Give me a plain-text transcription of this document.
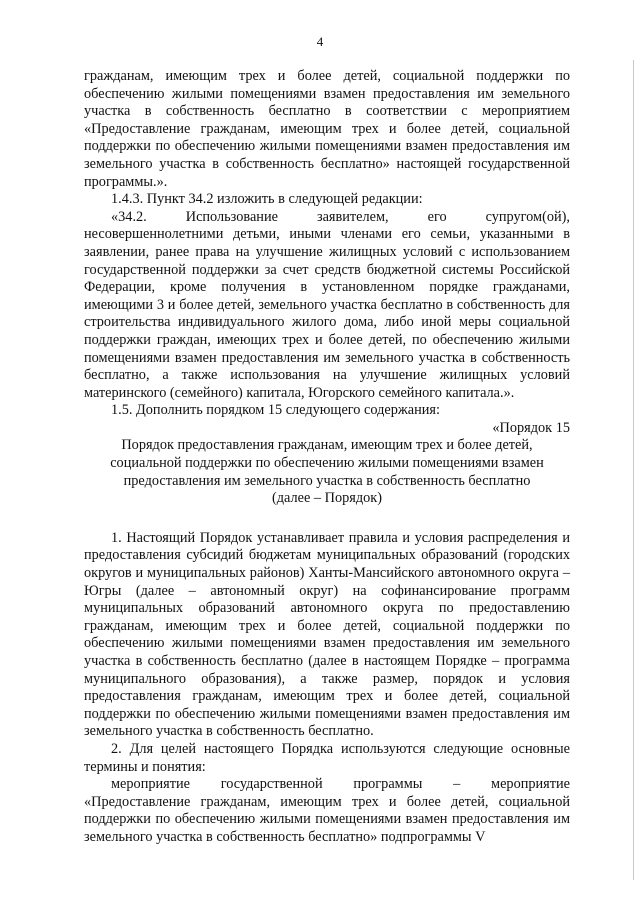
4

гражданам, имеющим трех и более детей, социальной поддержки по обеспечению жилыми помещениями взамен предоставления им земельного участка в собственность бесплатно в соответствии с мероприятием «Предоставление гражданам, имеющим трех и более детей, социальной поддержки по обеспечению жилыми помещениями взамен предоставления им земельного участка в собственность бесплатно» настоящей государственной программы.».

1.4.3. Пункт 34.2 изложить в следующей редакции:

«34.2. Использование заявителем, его супругом(ой), несовершеннолетними детьми, иными членами его семьи, указанными в заявлении, ранее права на улучшение жилищных условий с использованием государственной поддержки за счет средств бюджетной системы Российской Федерации, кроме получения в установленном порядке гражданами, имеющими 3 и более детей, земельного участка бесплатно в собственность для строительства индивидуального жилого дома, либо иной меры социальной поддержки граждан, имеющих трех и более детей, по обеспечению жилыми помещениями взамен предоставления им земельного участка в собственность бесплатно, а также использования на улучшение жилищных условий материнского (семейного) капитала, Югорского семейного капитала.».

1.5. Дополнить порядком 15 следующего содержания:

«Порядок 15

Порядок предоставления гражданам, имеющим трех и более детей, социальной поддержки по обеспечению жилыми помещениями взамен предоставления им земельного участка в собственность бесплатно

(далее – Порядок)

1. Настоящий Порядок устанавливает правила и условия распределения и предоставления субсидий бюджетам муниципальных образований (городских округов и муниципальных районов) Ханты-Мансийского автономного округа – Югры (далее – автономный округ) на софинансирование программ муниципальных образований автономного округа по предоставлению гражданам, имеющим трех и более детей, социальной поддержки по обеспечению жилыми помещениями взамен предоставления им земельного участка в собственность бесплатно (далее в настоящем Порядке – программа муниципального образования), а также размер, порядок и условия предоставления гражданам, имеющим трех и более детей, социальной поддержки по обеспечению жилыми помещениями взамен предоставления им земельного участка в собственность бесплатно.

2. Для целей настоящего Порядка используются следующие основные термины и понятия:

мероприятие государственной программы – мероприятие «Предоставление гражданам, имеющим трех и более детей, социальной поддержки по обеспечению жилыми помещениями взамен предоставления им земельного участка в собственность бесплатно» подпрограммы V
